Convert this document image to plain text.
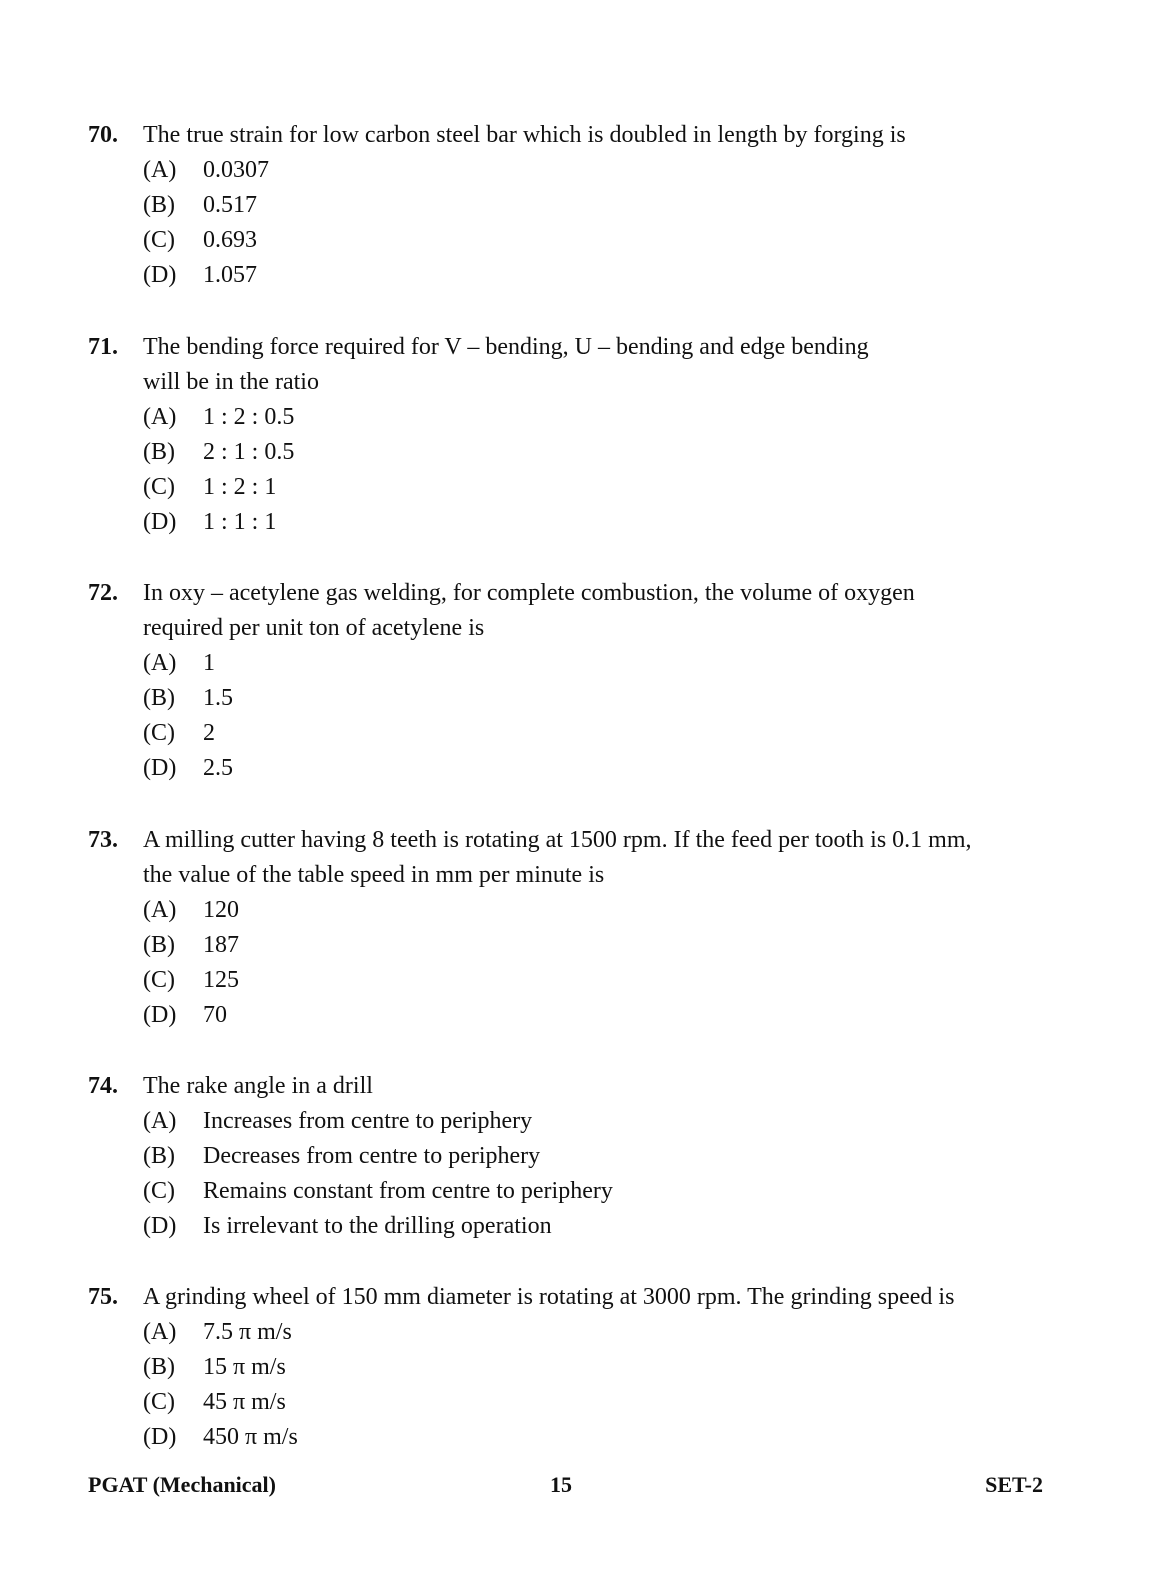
70. The true strain for low carbon steel bar which is doubled in length by forging is
(A) 0.0307
(B) 0.517
(C) 0.693
(D) 1.057
71. The bending force required for V – bending, U – bending and edge bending
will be in the ratio
(A) 1 : 2 : 0.5
(B) 2 : 1 : 0.5
(C) 1 : 2 : 1
(D) 1 : 1 : 1
72. In oxy – acetylene gas welding, for complete combustion, the volume of oxygen
required per unit ton of acetylene is
(A) 1
(B) 1.5
(C) 2
(D) 2.5
73. A milling cutter having 8 teeth is rotating at 1500 rpm. If the feed per tooth is 0.1 mm,
the value of the table speed in mm per minute is
(A) 120
(B) 187
(C) 125
(D) 70
74. The rake angle in a drill
(A) Increases from centre to periphery
(B) Decreases from centre to periphery
(C) Remains constant from centre to periphery
(D) Is irrelevant to the drilling operation
75. A grinding wheel of 150 mm diameter is rotating at 3000 rpm. The grinding speed is
(A) 7.5 π m/s
(B) 15 π m/s
(C) 45 π m/s
(D) 450 π m/s
PGAT (Mechanical)	15	SET-2
